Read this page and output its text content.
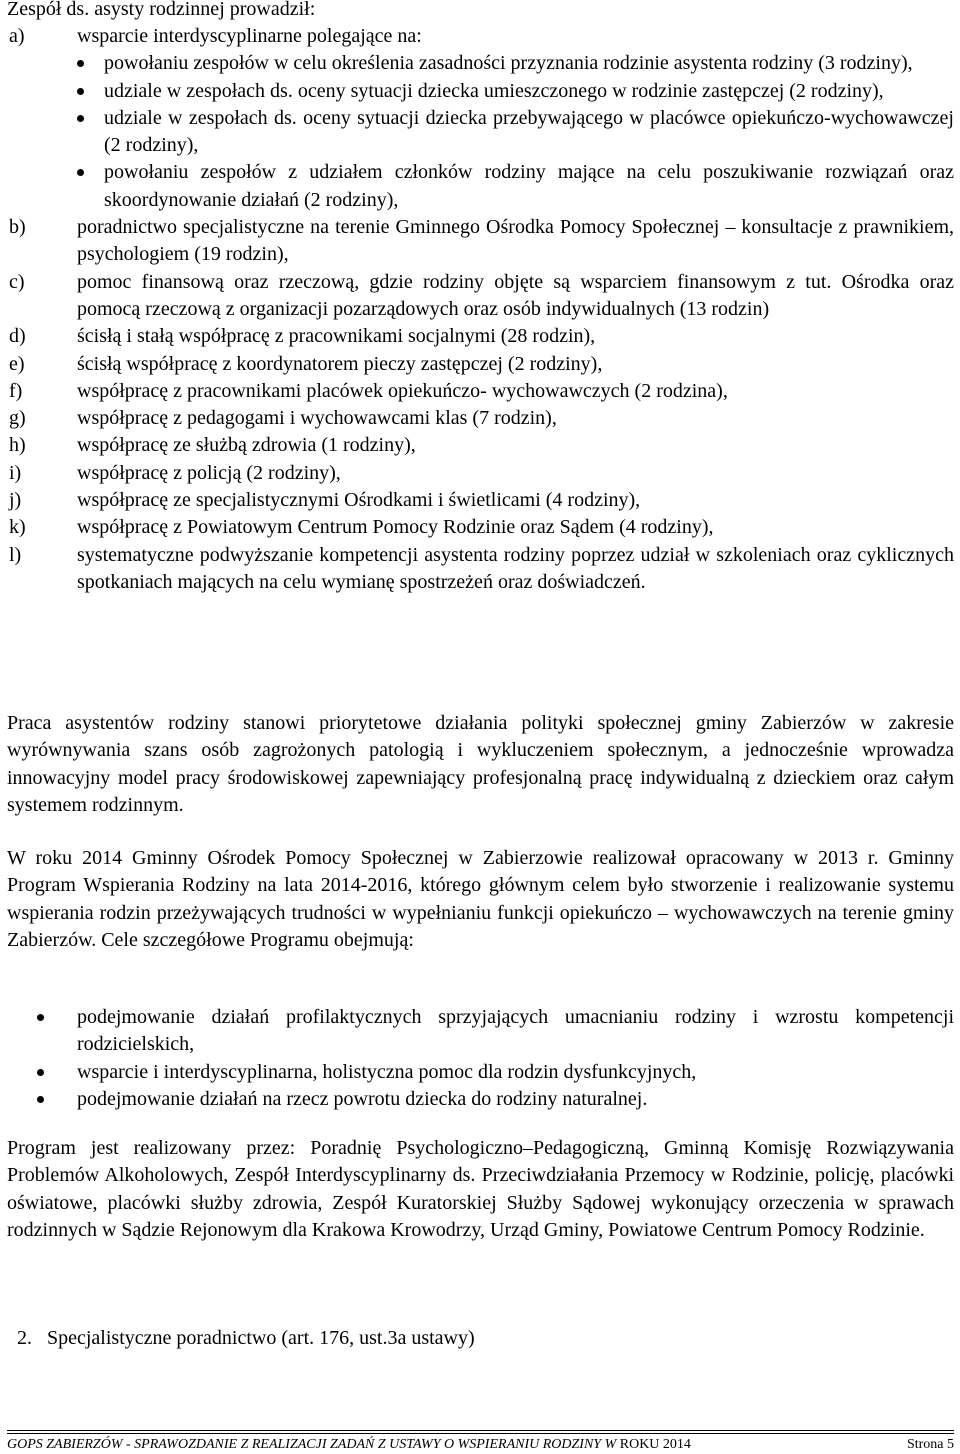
Zespół ds. asysty rodzinnej prowadził:

a)	wsparcie interdyscyplinarne polegające na:
powołaniu zespołów w celu określenia zasadności przyznania rodzinie asystenta rodziny (3 rodziny),
udziale w zespołach ds. oceny sytuacji dziecka umieszczonego w rodzinie zastępczej (2 rodziny),
udziale w zespołach ds. oceny sytuacji dziecka przebywającego w placówce opiekuńczo-wychowawczej (2 rodziny),
powołaniu zespołów z udziałem członków rodziny mające na celu poszukiwanie rozwiązań oraz skoordynowanie działań (2 rodziny),
b)	poradnictwo specjalistyczne na terenie Gminnego Ośrodka Pomocy Społecznej – konsultacje z prawnikiem, psychologiem (19 rodzin),
c)	pomoc finansową oraz rzeczową, gdzie rodziny objęte są wsparciem finansowym z tut. Ośrodka oraz pomocą rzeczową z organizacji pozarządowych oraz osób indywidualnych (13 rodzin)
d)	ścisłą i stałą współpracę z pracownikami socjalnymi (28 rodzin),
e)	ścisłą współpracę z koordynatorem pieczy zastępczej (2 rodziny),
f)	współpracę z pracownikami placówek opiekuńczo- wychowawczych (2 rodzina),
g)	współpracę z pedagogami i wychowawcami klas (7 rodzin),
h)	współpracę ze służbą zdrowia (1 rodziny),
i)	współpracę z policją (2 rodziny),
j)	współpracę ze specjalistycznymi Ośrodkami i świetlicami (4 rodziny),
k)	współpracę z Powiatowym Centrum Pomocy Rodzinie oraz Sądem (4 rodziny),
l)	systematyczne podwyższanie kompetencji asystenta rodziny poprzez udział w szkoleniach oraz cyklicznych spotkaniach mających na celu wymianę spostrzeżeń oraz doświadczeń.

Praca asystentów rodziny stanowi priorytetowe działania polityki społecznej gminy Zabierzów w zakresie wyrównywania szans osób zagrożonych patologią i wykluczeniem społecznym, a jednocześnie wprowadza innowacyjny model pracy środowiskowej zapewniający profesjonalną pracę indywidualną z dzieckiem oraz całym systemem rodzinnym.

W roku 2014 Gminny Ośrodek Pomocy Społecznej w Zabierzowie realizował opracowany w 2013 r. Gminny Program Wspierania Rodziny na lata 2014-2016, którego głównym celem było stworzenie i realizowanie systemu wspierania rodzin przeżywających trudności w wypełnianiu funkcji opiekuńczo – wychowawczych na terenie gminy Zabierzów. Cele szczegółowe Programu obejmują:

podejmowanie działań profilaktycznych sprzyjających umacnianiu rodziny i wzrostu kompetencji rodzicielskich,
wsparcie i interdyscyplinarna, holistyczna pomoc dla rodzin dysfunkcyjnych,
podejmowanie działań na rzecz powrotu dziecka do rodziny naturalnej.

Program jest realizowany przez: Poradnię Psychologiczno–Pedagogiczną, Gminną Komisję Rozwiązywania Problemów Alkoholowych, Zespół Interdyscyplinarny ds. Przeciwdziałania Przemocy w Rodzinie, policję, placówki oświatowe, placówki służby zdrowia, Zespół Kuratorskiej Służby Sądowej wykonujący orzeczenia w sprawach rodzinnych w Sądzie Rejonowym dla Krakowa Krowodrzy, Urząd Gminy, Powiatowe Centrum Pomocy Rodzinie.

2.   Specjalistyczne poradnictwo (art. 176, ust.3a ustawy)

GOPS ZABIERZÓW - SPRAWOZDANIE Z REALIZACJI ZADAŃ Z USTAWY O WSPIERANIU RODZINY W ROKU 2014	Strona 5
